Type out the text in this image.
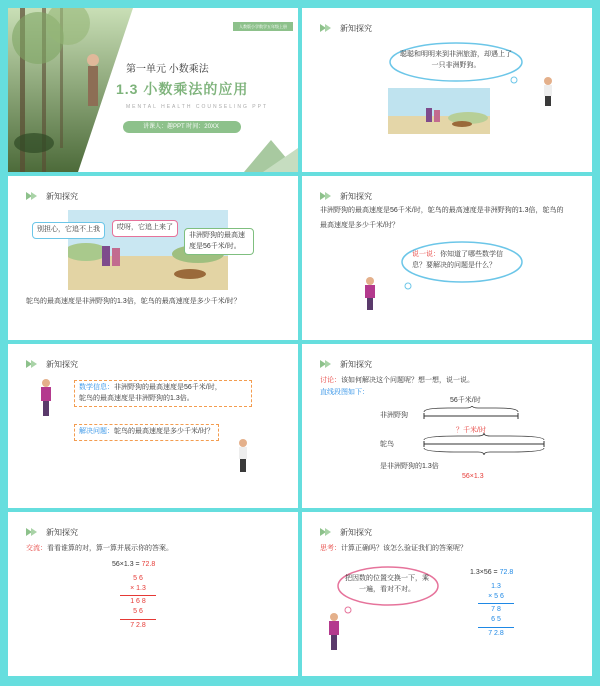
人教版小学数学五年级上册
第一单元 小数乘法
1.3 小数乘法的应用
MENTAL HEALTH COUNSELING PPT
讲课人：趣PPT 时间：20XX
新知探究
聪聪和明明来到非洲旅游，却遇上了一只非洲野狗。
新知探究
别担心，它追不上我	哎呀，它追上来了
非洲野狗的最高速度是56千米/时。
鸵鸟的最高速度是非洲野狗的1.3倍，鸵鸟的最高速度是多少千米/时？
新知探究
非洲野狗的最高速度是56千米/时，鸵鸟的最高速度是非洲野狗的1.3倍，鸵鸟的
最高速度是多少千米/时？
说一说：你知道了哪些数学信息？要解决的问题是什么？
新知探究
数学信息：非洲野狗的最高速度是56千米/时，
鸵鸟的最高速度是非洲野狗的1.3倍。
解决问题：鸵鸟的最高速度是多少千米/时？
新知探究
讨论：该如何解决这个问题呢？想一想，说一说。
直线段图如下：
56千米/时
非洲野狗
？千米/时
鸵鸟
是非洲野狗的1.3倍
56×1.3
新知探究
交流：看看谁算的对，算一算并展示你的答案。
56×1.3 = 72.8
5 6
× 1.3
1 6 8
5 6
7 2.8
新知探究
思考：计算正确吗？该怎么验证我们的答案呢？
把因数的位置交换一下，乘一遍，看对不对。
1.3×56 = 72.8
1.3
× 5 6
7 8
6 5
7 2.8
